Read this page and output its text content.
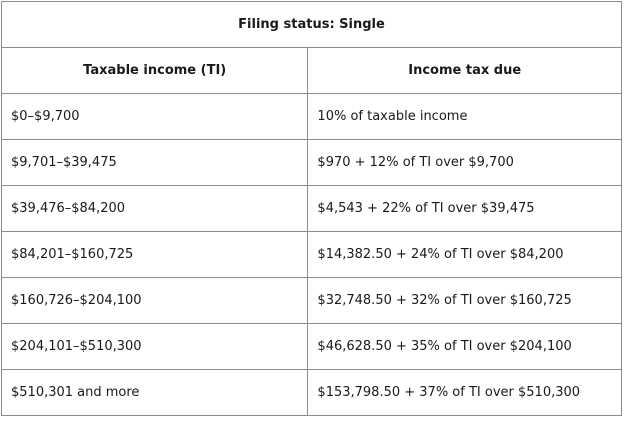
Filing status: Single	
Taxable income (TI)	Income tax due
$0–$9,700	10% of taxable income
$9,701–$39,475	$970 + 12% of TI over $9,700
$39,476–$84,200	$4,543 + 22% of TI over $39,475
$84,201–$160,725	$14,382.50 + 24% of TI over $84,200
$160,726–$204,100	$32,748.50 + 32% of TI over $160,725
$204,101–$510,300	$46,628.50 + 35% of TI over $204,100
$510,301 and more	$153,798.50 + 37% of TI over $510,300
